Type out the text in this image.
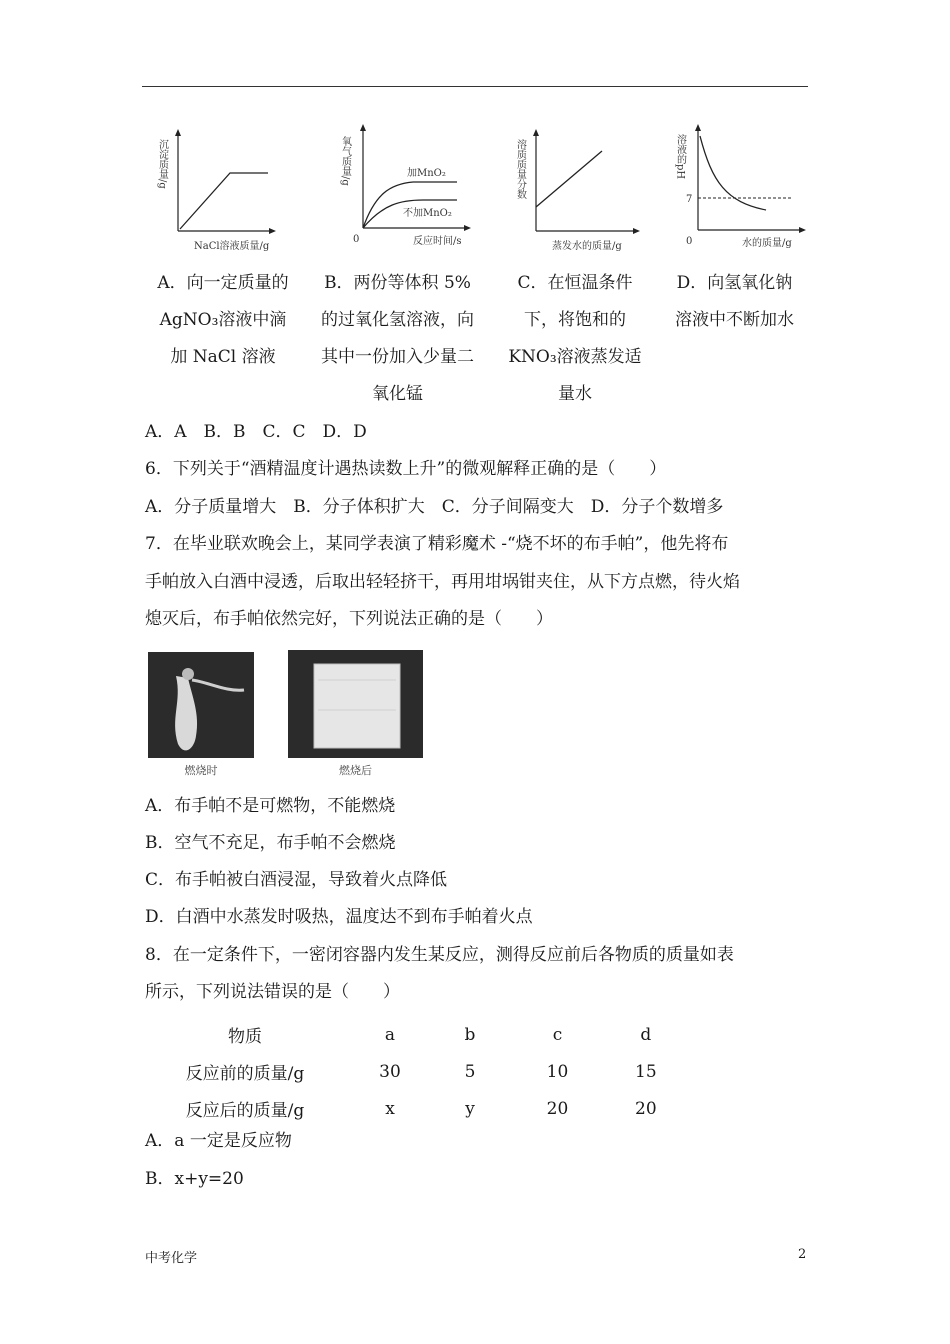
沉淀质量/g
NaCl溶液质量/g
氧气质量/g	加MnO₂
不加MnO₂
0	反应时间/s
溶质质量分数
蒸发水的质量/g
溶液的pH
7
0	水的质量/g
A．向一定质量的
AgNO₃溶液中滴
加 NaCl 溶液
B．两份等体积 5%
的过氧化氢溶液，向
其中一份加入少量二
氧化锰
C．在恒温条件
下，将饱和的
KNO₃溶液蒸发适
量水
D．向氢氧化钠
溶液中不断加水
A．A　B．B　C．C　D．D
6．下列关于“酒精温度计遇热读数上升”的微观解释正确的是（　　）
A．分子质量增大　B．分子体积扩大　C．分子间隔变大　D．分子个数增多
7．在毕业联欢晚会上，某同学表演了精彩魔术 -“烧不坏的布手帕”，他先将布
手帕放入白酒中浸透，后取出轻轻挤干，再用坩埚钳夹住，从下方点燃，待火焰
熄灭后，布手帕依然完好，下列说法正确的是（　　）
燃烧时	燃烧后
A．布手帕不是可燃物，不能燃烧
B．空气不充足，布手帕不会燃烧
C．布手帕被白酒浸湿，导致着火点降低
D．白酒中水蒸发时吸热，温度达不到布手帕着火点
8．在一定条件下，一密闭容器内发生某反应，测得反应前后各物质的质量如表
所示，下列说法错误的是（　　）
物质	a	b	c	d
反应前的质量/g	30	5	10	15
反应后的质量/g	x	y	20	20
A．a 一定是反应物
B．x+y=20
中考化学	2
